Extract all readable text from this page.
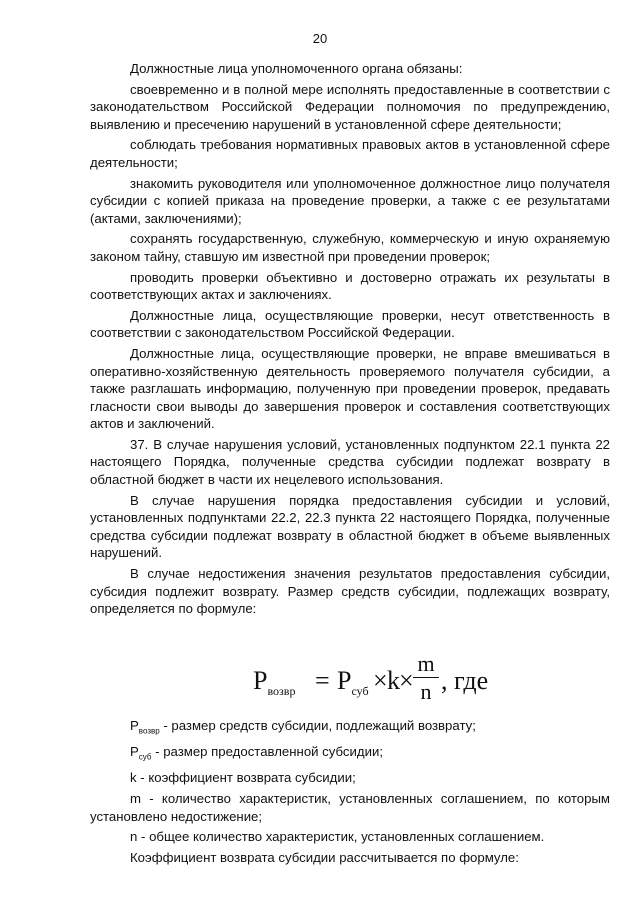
20

Должностные лица уполномоченного органа обязаны:

своевременно и в полной мере исполнять предоставленные в соответствии с законодательством Российской Федерации полномочия по предупреждению, выявлению и пресечению нарушений в установленной сфере деятельности;

соблюдать требования нормативных правовых актов в установленной сфере деятельности;

знакомить руководителя или уполномоченное должностное лицо получателя субсидии с копией приказа на проведение проверки, а также с ее результатами (актами, заключениями);

сохранять государственную, служебную, коммерческую и иную охраняемую законом тайну, ставшую им известной при проведении проверок;

проводить проверки объективно и достоверно отражать их результаты в соответствующих актах и заключениях.

Должностные лица, осуществляющие проверки, несут ответственность в соответствии с законодательством Российской Федерации.

Должностные лица, осуществляющие проверки, не вправе вмешиваться в оперативно-хозяйственную деятельность проверяемого получателя субсидии, а также разглашать информацию, полученную при проведении проверок, предавать гласности свои выводы до завершения проверок и составления соответствующих актов и заключений.

37. В случае нарушения условий, установленных подпунктом 22.1 пункта 22 настоящего Порядка, полученные средства субсидии подлежат возврату в областной бюджет в части их нецелевого использования.

В случае нарушения порядка предоставления субсидии и условий, установленных подпунктами 22.2, 22.3 пункта 22 настоящего Порядка, полученные средства субсидии подлежат возврату в областной бюджет в объеме выявленных нарушений.

В случае недостижения значения результатов предоставления субсидии, субсидия подлежит возврату. Размер средств субсидии, подлежащих возврату, определяется по формуле:

$P_{возвр} = P_{суб} \times k$ ×
m
n , где

$P_{возвр}$ - размер средств субсидии, подлежащий возврату;

$P_{суб}$ - размер предоставленной субсидии;

k - коэффициент возврата субсидии;

m - количество характеристик, установленных соглашением, по которым установлено недостижение;

n - общее количество характеристик, установленных соглашением.

Коэффициент возврата субсидии рассчитывается по формуле:
